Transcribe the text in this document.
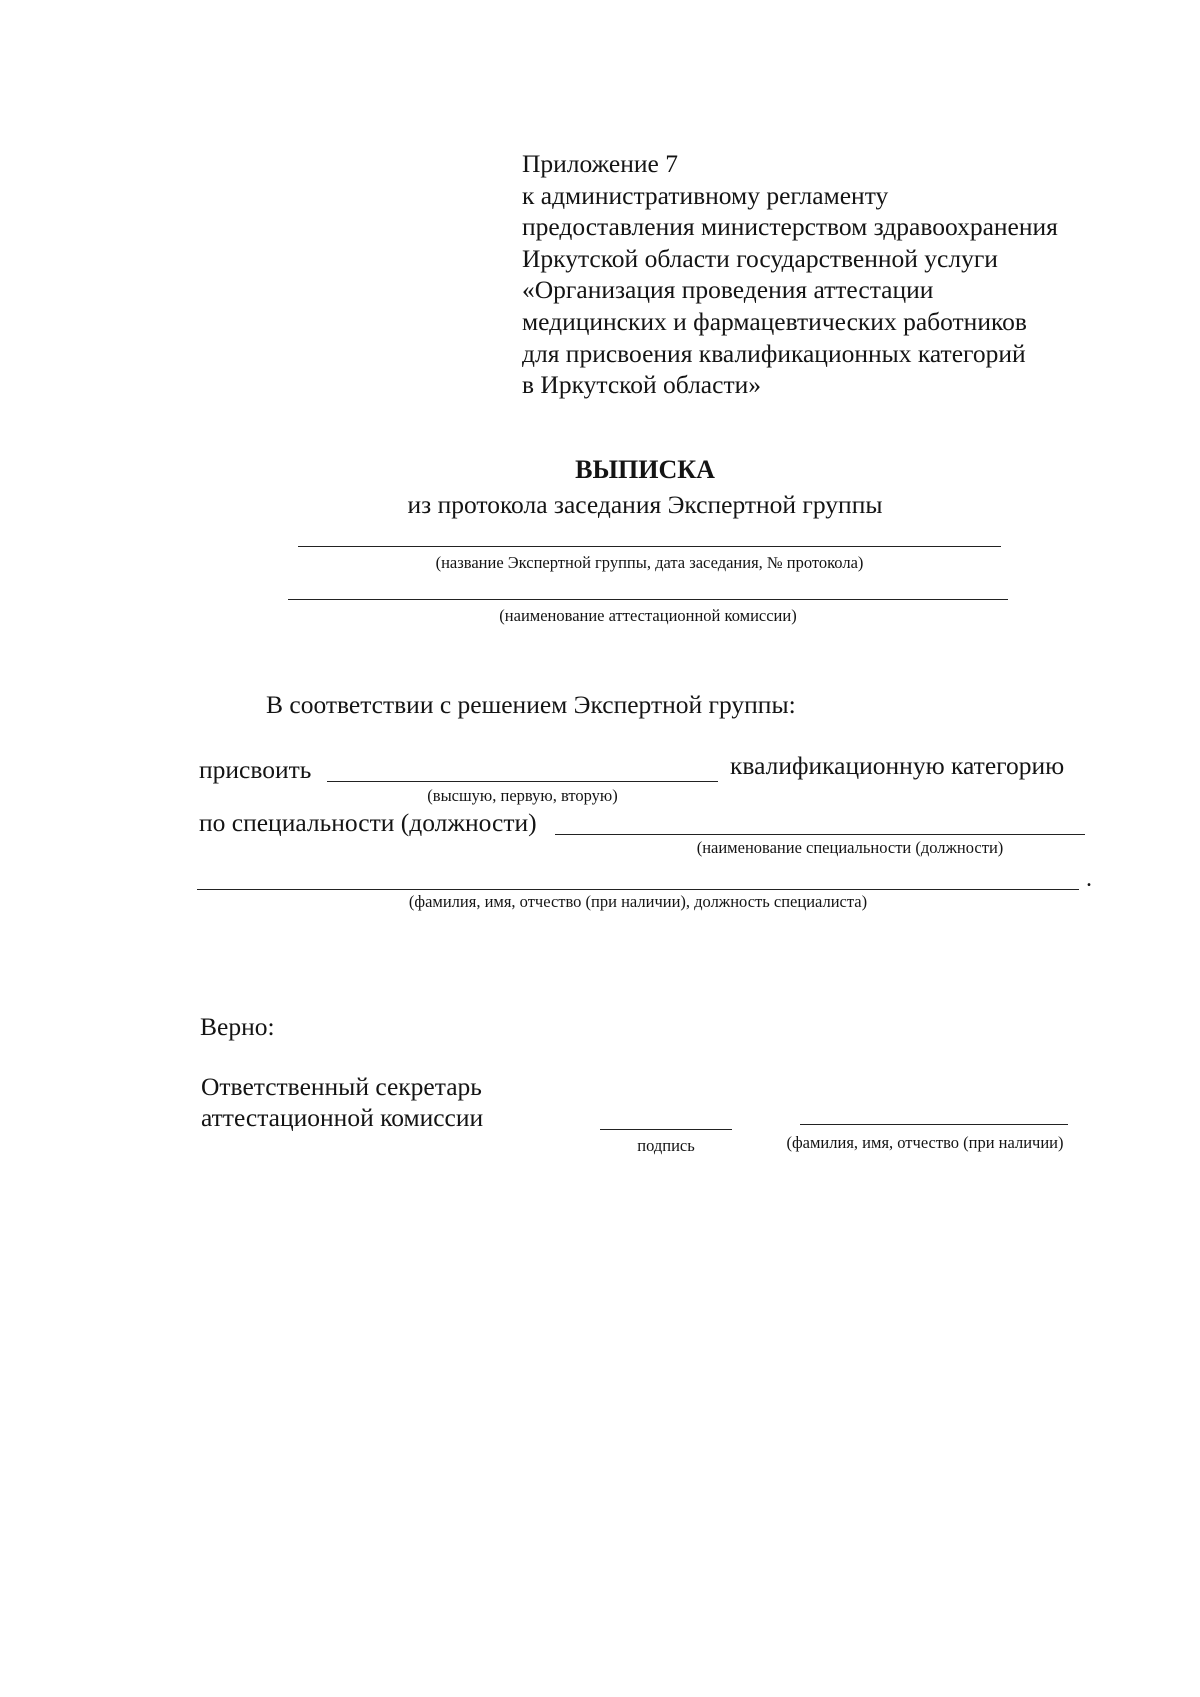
Приложение 7
к административному регламенту
предоставления министерством здравоохранения
Иркутской области государственной услуги
«Организация проведения аттестации
медицинских и фармацевтических работников
для присвоения квалификационных категорий
в Иркутской области»
ВЫПИСКА
из протокола заседания Экспертной группы
(название Экспертной группы, дата заседания, № протокола)
(наименование аттестационной комиссии)
В соответствии с решением Экспертной группы:
присвоить	квалификационную категорию
(высшую, первую, вторую)
по специальности (должности)
(наименование специальности (должности)
.
(фамилия, имя, отчество (при наличии), должность специалиста)
Верно:
Ответственный секретарь
аттестационной комиссии
подпись	(фамилия, имя, отчество (при наличии)
